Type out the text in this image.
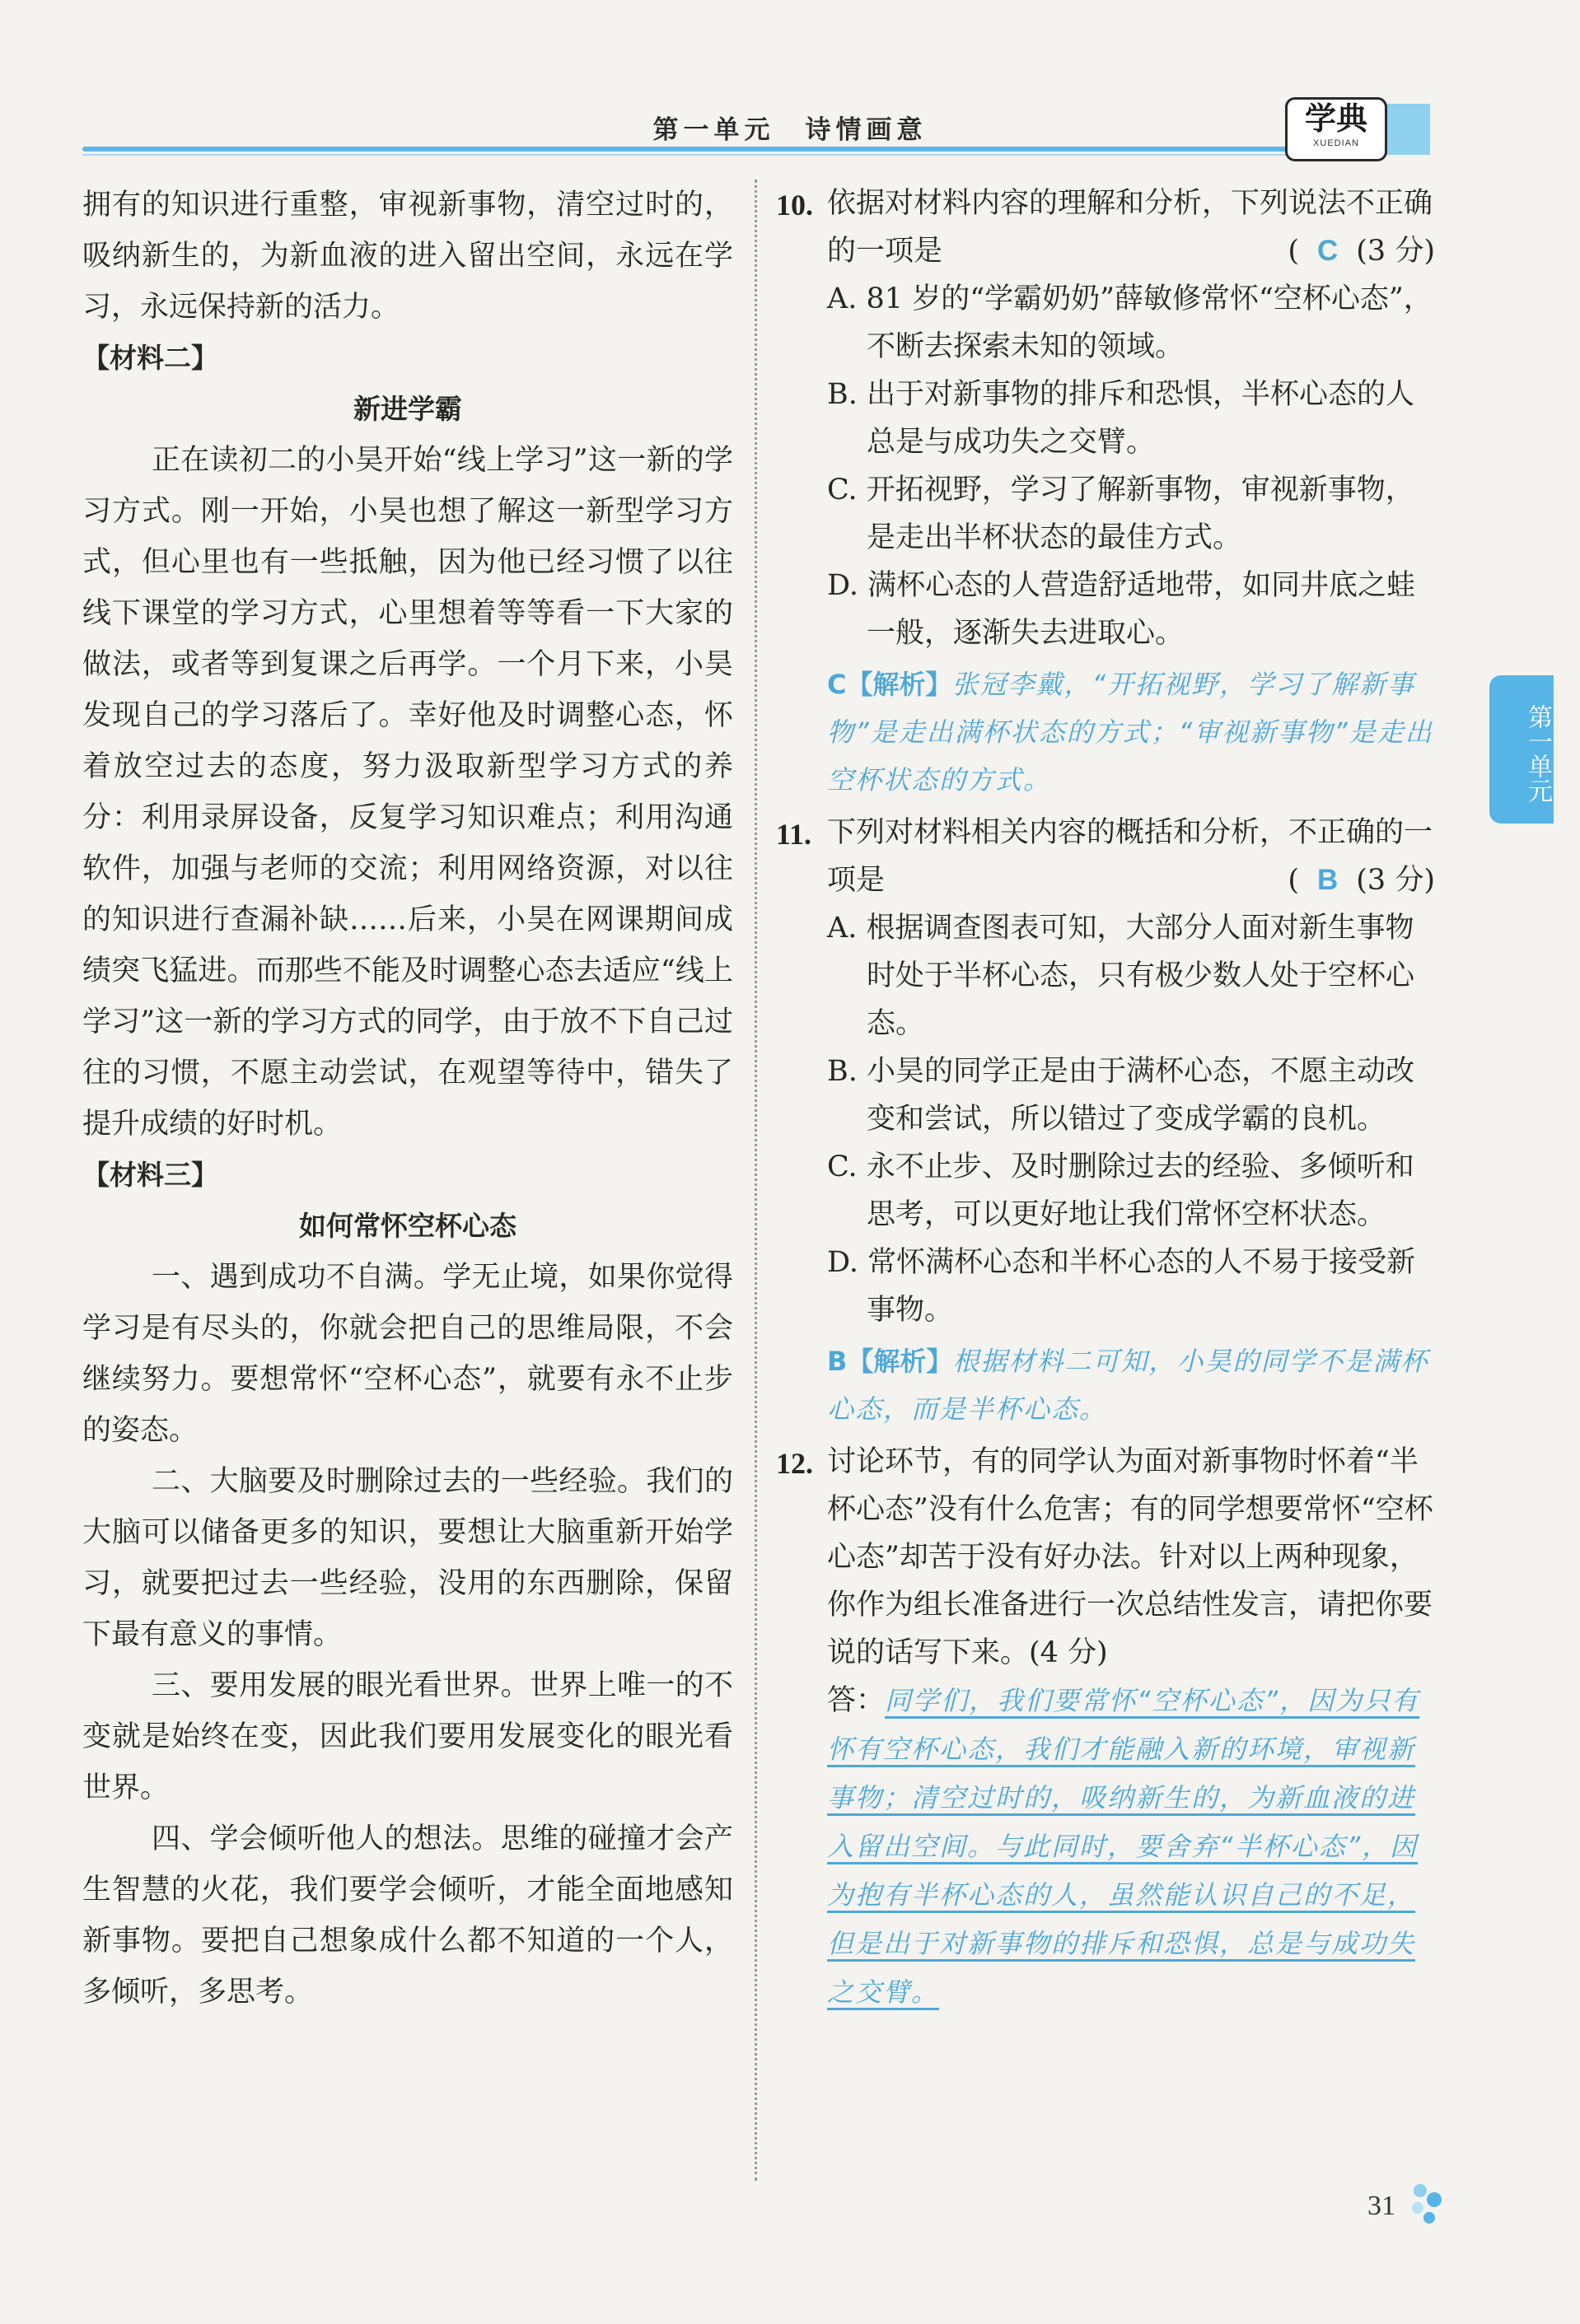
第一单元　诗情画意	学典
XUEDIAN

拥有的知识进行重整，审视新事物，清空过时的，吸纳新生的，为新血液的进入留出空间，永远在学习，永远保持新的活力。

【材料二】
新进学霸

正在读初二的小昊开始“线上学习”这一新的学习方式。刚一开始，小昊也想了解这一新型学习方式，但心里也有一些抵触，因为他已经习惯了以往线下课堂的学习方式，心里想着等等看一下大家的做法，或者等到复课之后再学。一个月下来，小昊发现自己的学习落后了。幸好他及时调整心态，怀着放空过去的态度，努力汲取新型学习方式的养分：利用录屏设备，反复学习知识难点；利用沟通软件，加强与老师的交流；利用网络资源，对以往的知识进行查漏补缺……后来，小昊在网课期间成绩突飞猛进。而那些不能及时调整心态去适应“线上学习”这一新的学习方式的同学，由于放不下自己过往的习惯，不愿主动尝试，在观望等待中，错失了提升成绩的好时机。

【材料三】
如何常怀空杯心态

一、遇到成功不自满。学无止境，如果你觉得学习是有尽头的，你就会把自己的思维局限，不会继续努力。要想常怀“空杯心态”，就要有永不止步的姿态。

二、大脑要及时删除过去的一些经验。我们的大脑可以储备更多的知识，要想让大脑重新开始学习，就要把过去一些经验，没用的东西删除，保留下最有意义的事情。

三、要用发展的眼光看世界。世界上唯一的不变就是始终在变，因此我们要用发展变化的眼光看世界。

四、学会倾听他人的想法。思维的碰撞才会产生智慧的火花，我们要学会倾听，才能全面地感知新事物。要把自己想象成什么都不知道的一个人，多倾听，多思考。

10. 依据对材料内容的理解和分析，下列说法不正确的一项是	( C (3 分)

A. 81 岁的“学霸奶奶”薛敏修常怀“空杯心态”，不断去探索未知的领域。

B. 出于对新事物的排斥和恐惧，半杯心态的人总是与成功失之交臂。

C. 开拓视野，学习了解新事物，审视新事物，是走出半杯状态的最佳方式。

D. 满杯心态的人营造舒适地带，如同井底之蛙一般，逐渐失去进取心。

C【解析】张冠李戴，“开拓视野，学习了解新事物”是走出满杯状态的方式；“审视新事物”是走出空杯状态的方式。

11. 下列对材料相关内容的概括和分析，不正确的一项是	( B (3 分)

A. 根据调查图表可知，大部分人面对新生事物时处于半杯心态，只有极少数人处于空杯心态。

B. 小昊的同学正是由于满杯心态，不愿主动改变和尝试，所以错过了变成学霸的良机。

C. 永不止步、及时删除过去的经验、多倾听和思考，可以更好地让我们常怀空杯状态。

D. 常怀满杯心态和半杯心态的人不易于接受新事物。

B【解析】根据材料二可知，小昊的同学不是满杯心态，而是半杯心态。

12. 讨论环节，有的同学认为面对新事物时怀着“半杯心态”没有什么危害；有的同学想要常怀“空杯心态”却苦于没有好办法。针对以上两种现象，你作为组长准备进行一次总结性发言，请把你要说的话写下来。(4 分)

答：同学们，我们要常怀“空杯心态”，因为只有怀有空杯心态，我们才能融入新的环境，审视新事物；清空过时的，吸纳新生的，为新血液的进入留出空间。与此同时，要舍弃“半杯心态”，因为抱有半杯心态的人，虽然能认识自己的不足，但是出于对新事物的排斥和恐惧，总是与成功失之交臂。

第一单元
31
